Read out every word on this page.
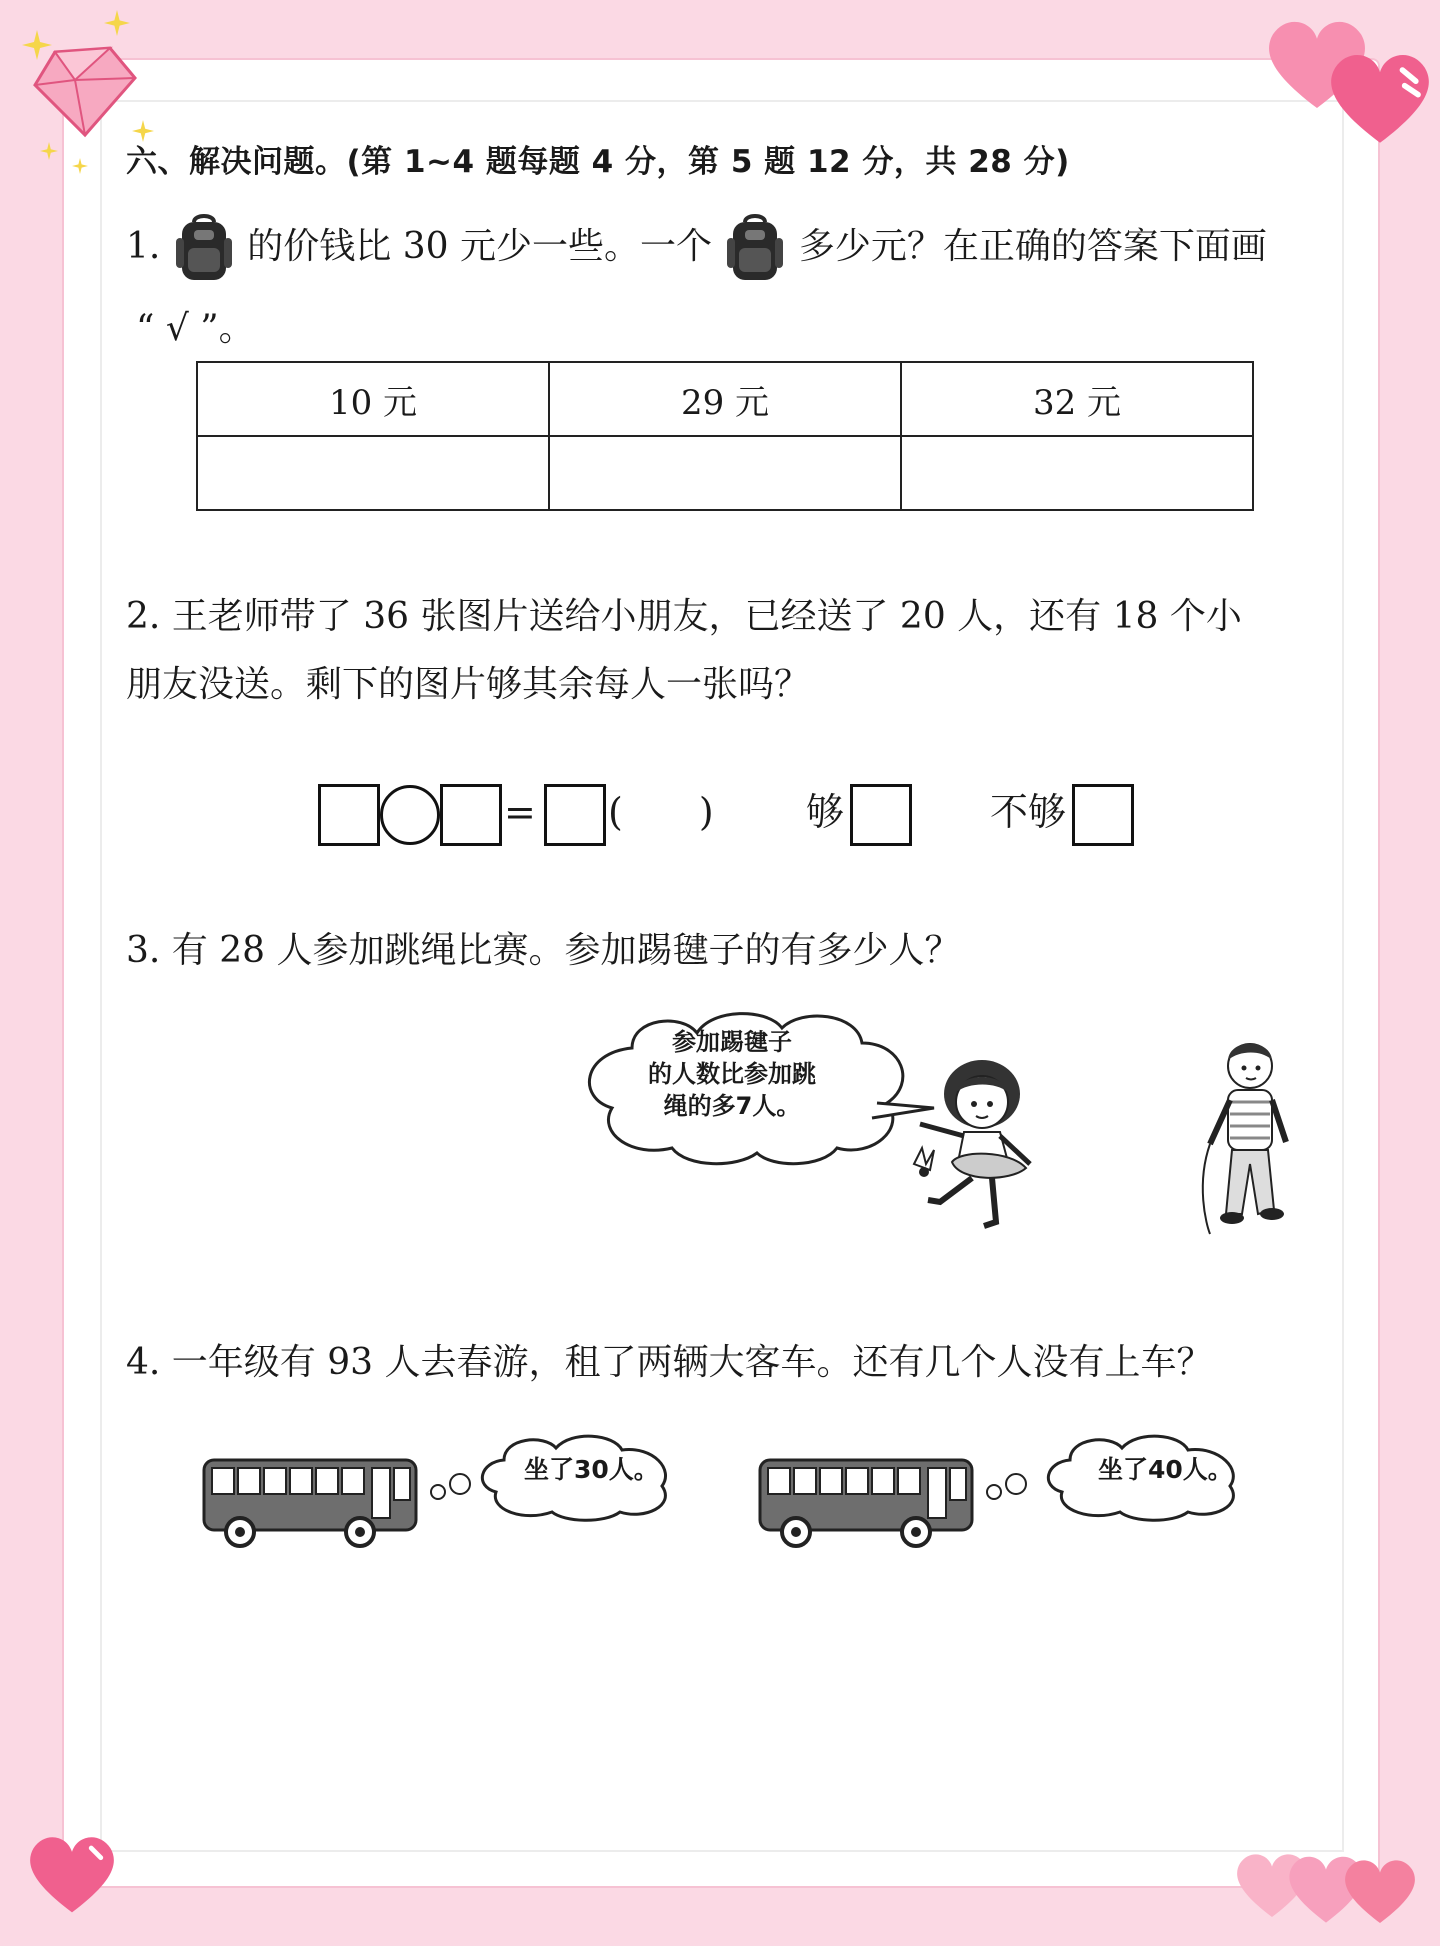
六、解决问题。(第 1~4 题每题 4 分，第 5 题 12 分，共 28 分)
1. 的价钱比 30 元少一些。一个 多少元？在正确的答案下面画
“ √ ”。
10 元	29 元	32 元

2. 王老师带了 36 张图片送给小朋友，已经送了 20 人，还有 18 个小
朋友没送。剩下的图片够其余每人一张吗？
= (　　) 够	不够
3. 有 28 人参加跳绳比赛。参加踢毽子的有多少人？
参加踢毽子
的人数比参加跳
绳的多7人。
4. 一年级有 93 人去春游，租了两辆大客车。还有几个人没有上车？
坐了30人。	坐了40人。
